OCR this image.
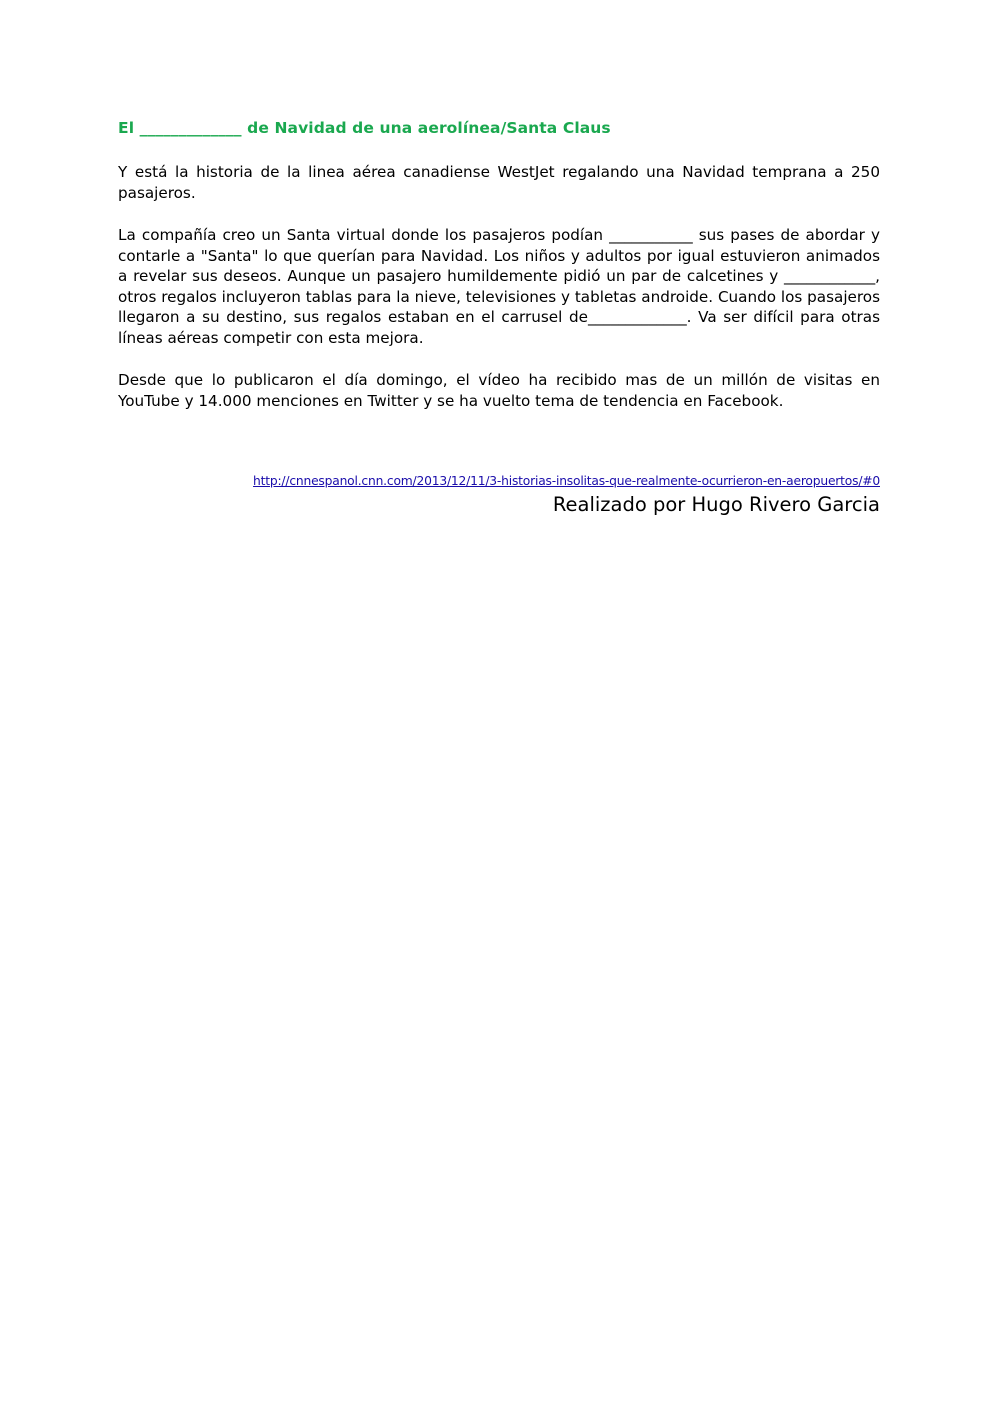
El _____________ de Navidad de una aerolínea/Santa Claus

Y está la historia de la linea aérea canadiense WestJet regalando una Navidad temprana a 250 pasajeros.

La compañía creo un Santa virtual donde los pasajeros podían ___________ sus pases de abordar y contarle a "Santa" lo que querían para Navidad. Los niños y adultos por igual estuvieron animados a revelar sus deseos. Aunque un pasajero humildemente pidió un par de calcetines y ____________, otros regalos incluyeron tablas para la nieve, televisiones y tabletas androide. Cuando los pasajeros llegaron a su destino, sus regalos estaban en el carrusel de_____________. Va ser difícil para otras líneas aéreas competir con esta mejora.

Desde que lo publicaron el día domingo, el vídeo ha recibido mas de un millón de visitas en YouTube y 14.000 menciones en Twitter y se ha vuelto tema de tendencia en Facebook.

http://cnnespanol.cnn.com/2013/12/11/3-historias-insolitas-que-realmente-ocurrieron-en-aeropuertos/#0

Realizado por Hugo Rivero Garcia
